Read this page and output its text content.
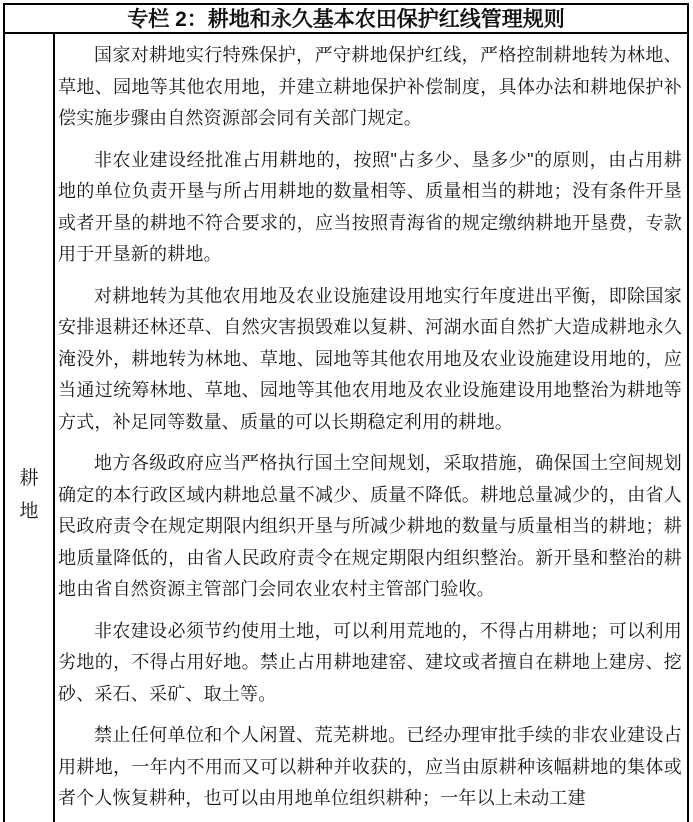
专栏 2：耕地和永久基本农田保护红线管理规则
耕地

国家对耕地实行特殊保护，严守耕地保护红线，严格控制耕地转为林地、草地、园地等其他农用地，并建立耕地保护补偿制度，具体办法和耕地保护补偿实施步骤由自然资源部会同有关部门规定。

非农业建设经批准占用耕地的，按照"占多少、垦多少"的原则，由占用耕地的单位负责开垦与所占用耕地的数量相等、质量相当的耕地；没有条件开垦或者开垦的耕地不符合要求的，应当按照青海省的规定缴纳耕地开垦费，专款用于开垦新的耕地。

对耕地转为其他农用地及农业设施建设用地实行年度进出平衡，即除国家安排退耕还林还草、自然灾害损毁难以复耕、河湖水面自然扩大造成耕地永久淹没外，耕地转为林地、草地、园地等其他农用地及农业设施建设用地的，应当通过统筹林地、草地、园地等其他农用地及农业设施建设用地整治为耕地等方式，补足同等数量、质量的可以长期稳定利用的耕地。

地方各级政府应当严格执行国土空间规划，采取措施，确保国土空间规划确定的本行政区域内耕地总量不减少、质量不降低。耕地总量减少的，由省人民政府责令在规定期限内组织开垦与所减少耕地的数量与质量相当的耕地；耕地质量降低的，由省人民政府责令在规定期限内组织整治。新开垦和整治的耕地由省自然资源主管部门会同农业农村主管部门验收。

非农建设必须节约使用土地，可以利用荒地的，不得占用耕地；可以利用劣地的，不得占用好地。禁止占用耕地建窑、建坟或者擅自在耕地上建房、挖砂、采石、采矿、取土等。

禁止任何单位和个人闲置、荒芜耕地。已经办理审批手续的非农业建设占用耕地，一年内不用而又可以耕种并收获的，应当由原耕种该幅耕地的集体或者个人恢复耕种，也可以由用地单位组织耕种；一年以上未动工建
